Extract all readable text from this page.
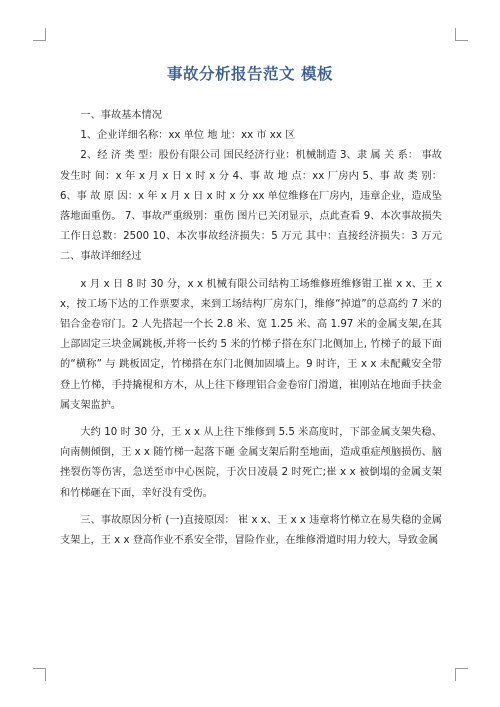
事故分析报告范文 模板

一、事故基本情况

1、企业详细名称：xx 单位 地 址：xx 市 xx 区

2、经 济 类 型：股份有限公司 国民经济行业：机械制造 3、隶 属 关 系： 事故发生时 间：x 年 x 月 x 日 x 时 x 分 4、事 故 地 点：xx 厂房内 5、事 故 类 别：6、事 故 原 因：x 年 x 月 x 日 x 时 x 分 xx 单位维修在厂房内，违章企业，造成坠落地面重伤。 7、事故严重级别：重伤 图片已关闭显示，点此查看 9、本次事故损失工作日总数：2500 10、本次事故经济损失：5 万元 其中：直接经济损失：3 万元 二、事故详细经过

x 月 x 日 8 时 30 分，x x 机械有限公司结构工场维修班维修钳工崔 x x、王 x x，按工场下达的工作票要求，来到工场结构厂房东门，维修“掉道”的总高约 7 米的铝合金卷帘门。2 人先搭起一个长 2.8 米、宽 1.25 米、高 1.97 米的金属支架,在其上部固定三块金属跳板,并将一长约 5 米的竹梯子搭在东门北侧加上, 竹梯子的最下面的“横称” 与 跳板固定，竹梯搭在东门北侧加固墙上。9 时许，王 x x 未配戴安全带登上竹梯，手持撬棍和方木，从上往下修理铝合金卷帘门滑道，崔刚站在地面手扶金属支架监护。

大约 10 时 30 分，王 x x 从上往下维修到 5.5 米高度时，下部金属支架失稳、向南侧倾倒，王 x x 随竹梯一起落下砸 金属支架后附至地面，造成重症颅脑损伤、脑挫裂伤等伤害，急送至市中心医院，于次日凌晨 2 时死亡;崔 x x 被倒塌的金属支架和竹梯砸在下面，幸好没有受伤。

三、事故原因分析 (一)直接原因： 崔 x x、王 x x 违章将竹梯立在易失稳的金属支架上，王 x x 登高作业不系安全带，冒险作业，在维修滑道时用力较大，导致金属
